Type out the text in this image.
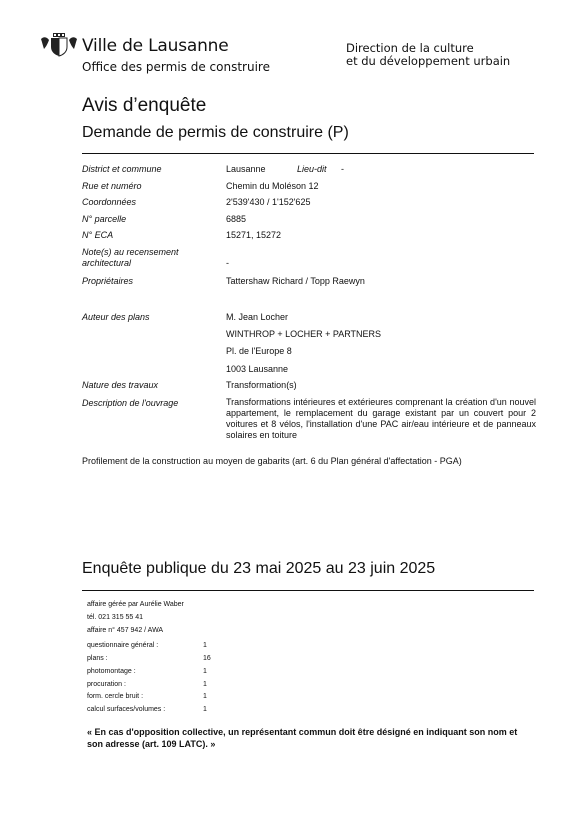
Ville de Lausanne
Office des permis de construire
Direction de la culture
et du développement urbain
Avis d’enquête
Demande de permis de construire (P)
District et commune	Lausanne	Lieu-dit -
Rue et numéro	Chemin du Moléson 12
Coordonnées	2'539'430 / 1'152'625
N° parcelle	6885
N° ECA	15271, 15272
Note(s) au recensement
architectural	-
Propriétaires	Tattershaw Richard / Topp Raewyn
Auteur des plans	M. Jean Locher
WINTHROP + LOCHER + PARTNERS
Pl. de l'Europe 8
1003 Lausanne
Nature des travaux	Transformation(s)
Description de l'ouvrage	Transformations intérieures et extérieures comprenant la création d'un nouvel appartement, le remplacement du garage existant par un couvert pour 2 voitures et 8 vélos, l'installation d'une PAC air/eau intérieure et de panneaux solaires en toiture
Profilement de la construction au moyen de gabarits (art. 6 du Plan général d'affectation - PGA)
Enquête publique du 23 mai 2025 au 23 juin 2025
affaire gérée par Aurélie Waber
tél. 021 315 55 41
affaire n° 457 942 / AWA
questionnaire général :	1
plans :	16
photomontage :	1
procuration :	1
form. cercle bruit :	1
calcul surfaces/volumes :	1
« En cas d'opposition collective, un représentant commun doit être désigné en indiquant son nom et son adresse (art. 109 LATC). »
